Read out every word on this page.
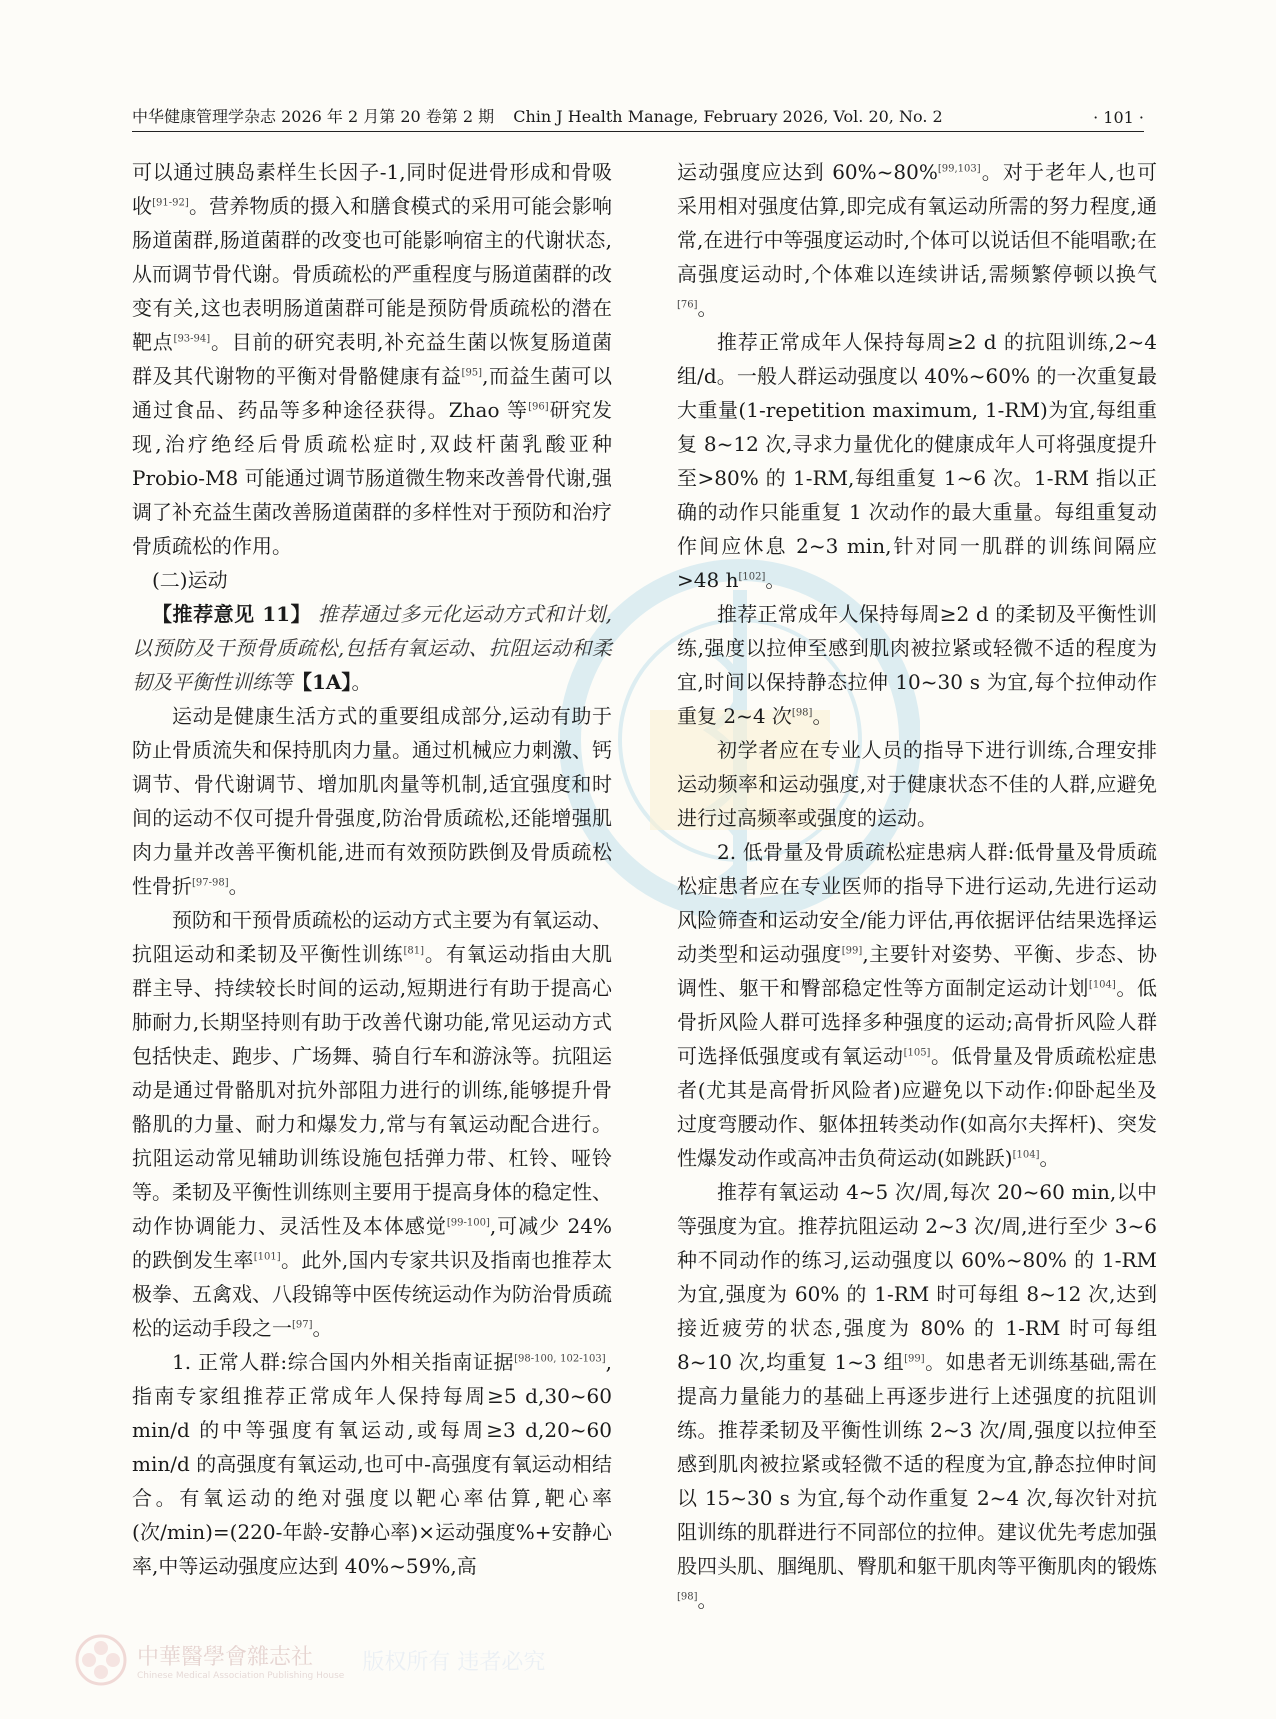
中华健康管理学杂志 2026 年 2 月第 20 卷第 2 期 Chin J Health Manage, February 2026, Vol. 20, No. 2	· 101 ·

可以通过胰岛素样生长因子-1,同时促进骨形成和骨吸收[91-92]。营养物质的摄入和膳食模式的采用可能会影响肠道菌群,肠道菌群的改变也可能影响宿主的代谢状态,从而调节骨代谢。骨质疏松的严重程度与肠道菌群的改变有关,这也表明肠道菌群可能是预防骨质疏松的潜在靶点[93-94]。目前的研究表明,补充益生菌以恢复肠道菌群及其代谢物的平衡对骨骼健康有益[95],而益生菌可以通过食品、药品等多种途径获得。Zhao 等[96]研究发现,治疗绝经后骨质疏松症时,双歧杆菌乳酸亚种Probio-M8 可能通过调节肠道微生物来改善骨代谢,强调了补充益生菌改善肠道菌群的多样性对于预防和治疗骨质疏松的作用。

(二)运动

【推荐意见 11】 推荐通过多元化运动方式和计划,以预防及干预骨质疏松,包括有氧运动、抗阻运动和柔韧及平衡性训练等【1A】。

运动是健康生活方式的重要组成部分,运动有助于防止骨质流失和保持肌肉力量。通过机械应力刺激、钙调节、骨代谢调节、增加肌肉量等机制,适宜强度和时间的运动不仅可提升骨强度,防治骨质疏松,还能增强肌肉力量并改善平衡机能,进而有效预防跌倒及骨质疏松性骨折[97-98]。

预防和干预骨质疏松的运动方式主要为有氧运动、抗阻运动和柔韧及平衡性训练[81]。有氧运动指由大肌群主导、持续较长时间的运动,短期进行有助于提高心肺耐力,长期坚持则有助于改善代谢功能,常见运动方式包括快走、跑步、广场舞、骑自行车和游泳等。抗阻运动是通过骨骼肌对抗外部阻力进行的训练,能够提升骨骼肌的力量、耐力和爆发力,常与有氧运动配合进行。抗阻运动常见辅助训练设施包括弹力带、杠铃、哑铃等。柔韧及平衡性训练则主要用于提高身体的稳定性、动作协调能力、灵活性及本体感觉[99-100],可减少 24% 的跌倒发生率[101]。此外,国内专家共识及指南也推荐太极拳、五禽戏、八段锦等中医传统运动作为防治骨质疏松的运动手段之一[97]。

1. 正常人群:综合国内外相关指南证据[98-100, 102-103],指南专家组推荐正常成年人保持每周≥5 d,30~60 min/d 的中等强度有氧运动,或每周≥3 d,20~60 min/d 的高强度有氧运动,也可中-高强度有氧运动相结合。有氧运动的绝对强度以靶心率估算,靶心率(次/min)=(220-年龄-安静心率)×运动强度%+安静心率,中等运动强度应达到 40%~59%,高

运动强度应达到 60%~80%[99,103]。对于老年人,也可采用相对强度估算,即完成有氧运动所需的努力程度,通常,在进行中等强度运动时,个体可以说话但不能唱歌;在高强度运动时,个体难以连续讲话,需频繁停顿以换气[76]。

推荐正常成年人保持每周≥2 d 的抗阻训练,2~4 组/d。一般人群运动强度以 40%~60% 的一次重复最大重量(1-repetition maximum, 1-RM)为宜,每组重复 8~12 次,寻求力量优化的健康成年人可将强度提升至>80% 的 1-RM,每组重复 1~6 次。1-RM 指以正确的动作只能重复 1 次动作的最大重量。每组重复动作间应休息 2~3 min,针对同一肌群的训练间隔应>48 h[102]。

推荐正常成年人保持每周≥2 d 的柔韧及平衡性训练,强度以拉伸至感到肌肉被拉紧或轻微不适的程度为宜,时间以保持静态拉伸 10~30 s 为宜,每个拉伸动作重复 2~4 次[98]。

初学者应在专业人员的指导下进行训练,合理安排运动频率和运动强度,对于健康状态不佳的人群,应避免进行过高频率或强度的运动。

2. 低骨量及骨质疏松症患病人群:低骨量及骨质疏松症患者应在专业医师的指导下进行运动,先进行运动风险筛查和运动安全/能力评估,再依据评估结果选择运动类型和运动强度[99],主要针对姿势、平衡、步态、协调性、躯干和臀部稳定性等方面制定运动计划[104]。低骨折风险人群可选择多种强度的运动;高骨折风险人群可选择低强度或有氧运动[105]。低骨量及骨质疏松症患者(尤其是高骨折风险者)应避免以下动作:仰卧起坐及过度弯腰动作、躯体扭转类动作(如高尔夫挥杆)、突发性爆发动作或高冲击负荷运动(如跳跃)[104]。

推荐有氧运动 4~5 次/周,每次 20~60 min,以中等强度为宜。推荐抗阻运动 2~3 次/周,进行至少 3~6 种不同动作的练习,运动强度以 60%~80% 的 1-RM 为宜,强度为 60% 的 1-RM 时可每组 8~12 次,达到接近疲劳的状态,强度为 80% 的 1-RM 时可每组 8~10 次,均重复 1~3 组[99]。如患者无训练基础,需在提高力量能力的基础上再逐步进行上述强度的抗阻训练。推荐柔韧及平衡性训练 2~3 次/周,强度以拉伸至感到肌肉被拉紧或轻微不适的程度为宜,静态拉伸时间以 15~30 s 为宜,每个动作重复 2~4 次,每次针对抗阻训练的肌群进行不同部位的拉伸。建议优先考虑加强股四头肌、腘绳肌、臀肌和躯干肌肉等平衡肌肉的锻炼[98]。

中華醫學會雜志社
Chinese Medical Association Publishing House
版权所有 违者必究
